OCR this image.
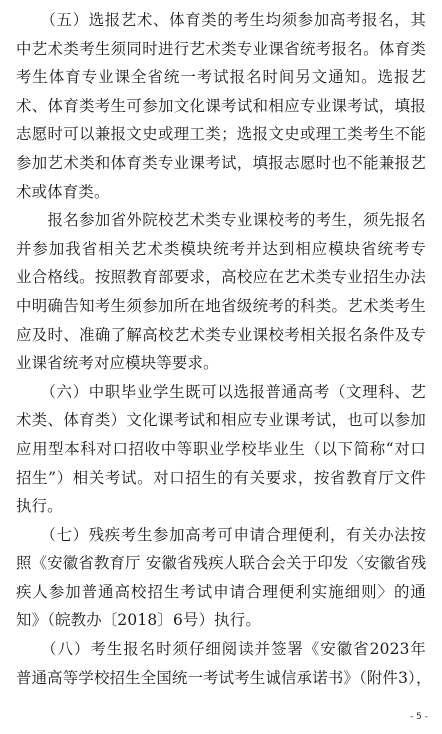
　　（五）选报艺术、体育类的考生均须参加高考报名，其
中艺术类考生须同时进行艺术类专业课省统考报名。体育类
考生体育专业课全省统一考试报名时间另文通知。选报艺
术、体育类考生可参加文化课考试和相应专业课考试，填报
志愿时可以兼报文史或理工类；选报文史或理工类考生不能
参加艺术类和体育类专业课考试，填报志愿时也不能兼报艺
术或体育类。
　　报名参加省外院校艺术类专业课校考的考生，须先报名
并参加我省相关艺术类模块统考并达到相应模块省统考专
业合格线。按照教育部要求，高校应在艺术类专业招生办法
中明确告知考生须参加所在地省级统考的科类。艺术类考生
应及时、准确了解高校艺术类专业课校考相关报名条件及专
业课省统考对应模块等要求。
　　（六）中职毕业学生既可以选报普通高考（文理科、艺
术类、体育类）文化课考试和相应专业课考试，也可以参加
应用型本科对口招收中等职业学校毕业生（以下简称“对口
招生”）相关考试。对口招生的有关要求，按省教育厅文件
执行。
　　（七）残疾考生参加高考可申请合理便利，有关办法按
照《安徽省教育厅 安徽省残疾人联合会关于印发〈安徽省残
疾人参加普通高校招生考试申请合理便利实施细则〉的通
知》（皖教办〔2018〕6号）执行。
　　（八）考生报名时须仔细阅读并签署《安徽省2023年
普通高等学校招生全国统一考试考生诚信承诺书》（附件3），
- 5 -
